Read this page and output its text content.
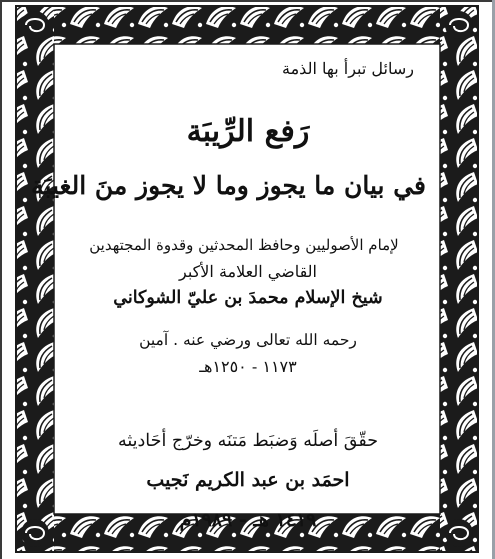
رسائل تبرأ بها الذمة
رَفع الرِّيبَة
في بيان ما يجوز وما لا يجوز منَ الغيبَة
لإمام الأصوليين وحافظ المحدثين وقدوة المجتهدين
القاضي العلامة الأكبر
شيخ الإسلام محمدَ بن عليّ الشوكاني
رحمه الله تعالى ورضي عنه . آمين
١١٧٣ - ١٢٥٠هـ
حقّقَ أصلَه وَضبَط مَتنَه وخرّج أحَاديثه
احمَد بن عبد الكريم نَجيب
١٤١٩ هـ - ١٩٨٩م
